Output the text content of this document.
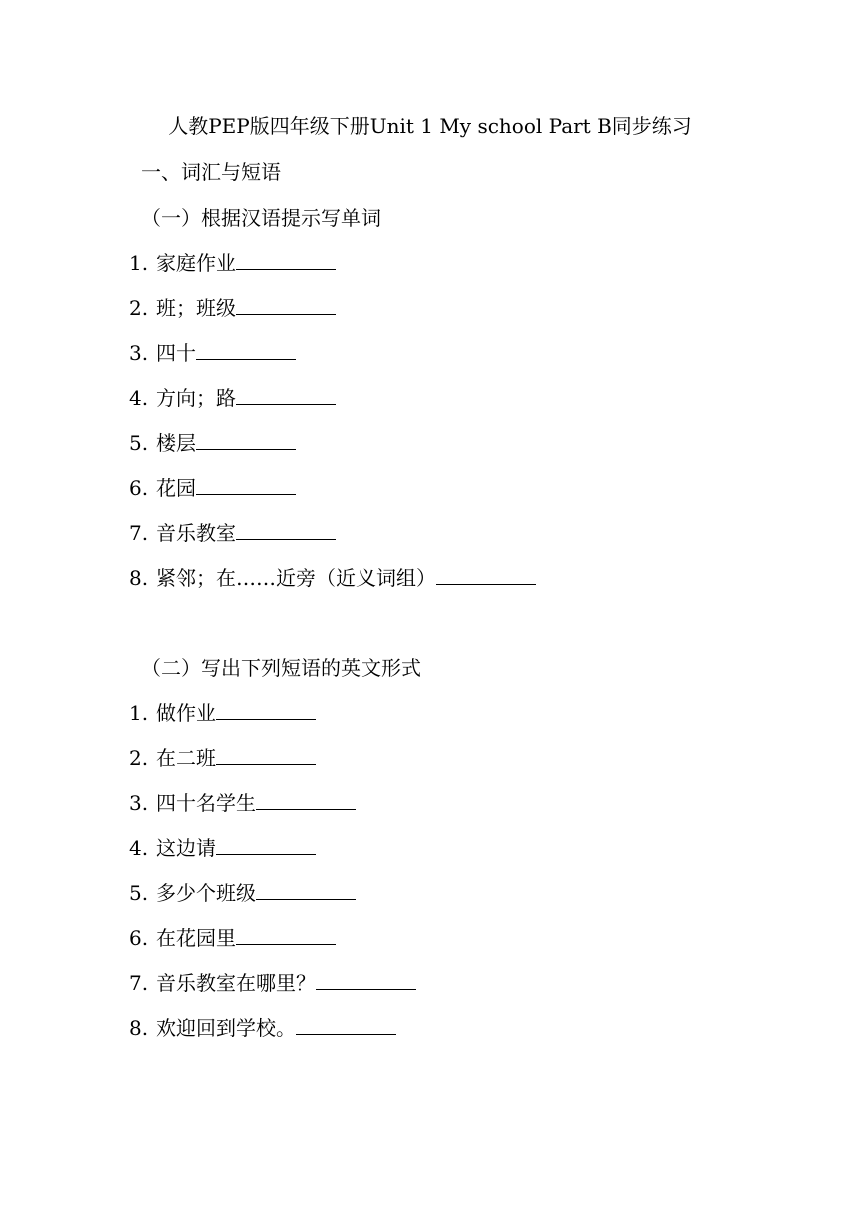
人教PEP版四年级下册Unit 1 My school Part B同步练习
一、词汇与短语
（一）根据汉语提示写单词
1. 家庭作业
2. 班；班级
3. 四十
4. 方向；路
5. 楼层
6. 花园
7. 音乐教室
8. 紧邻；在……近旁（近义词组）
（二）写出下列短语的英文形式
1. 做作业
2. 在二班
3. 四十名学生
4. 这边请
5. 多少个班级
6. 在花园里
7. 音乐教室在哪里？
8. 欢迎回到学校。
